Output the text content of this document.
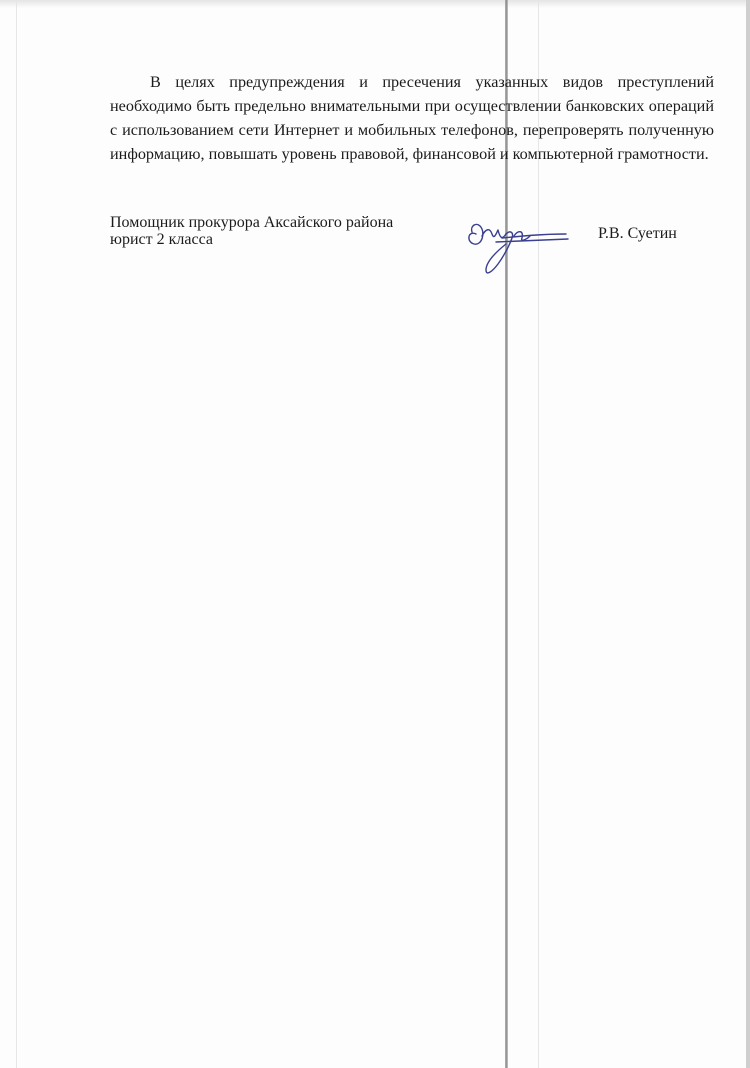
В целях предупреждения и пресечения указанных видов преступлений необходимо быть предельно внимательными при осуществлении банковских операций с использованием сети Интернет и мобильных телефонов, перепроверять полученную информацию, повышать уровень правовой, финансовой и компьютерной грамотности.

Помощник прокурора Аксайского района
юрист 2 класса	Р.В. Суетин
